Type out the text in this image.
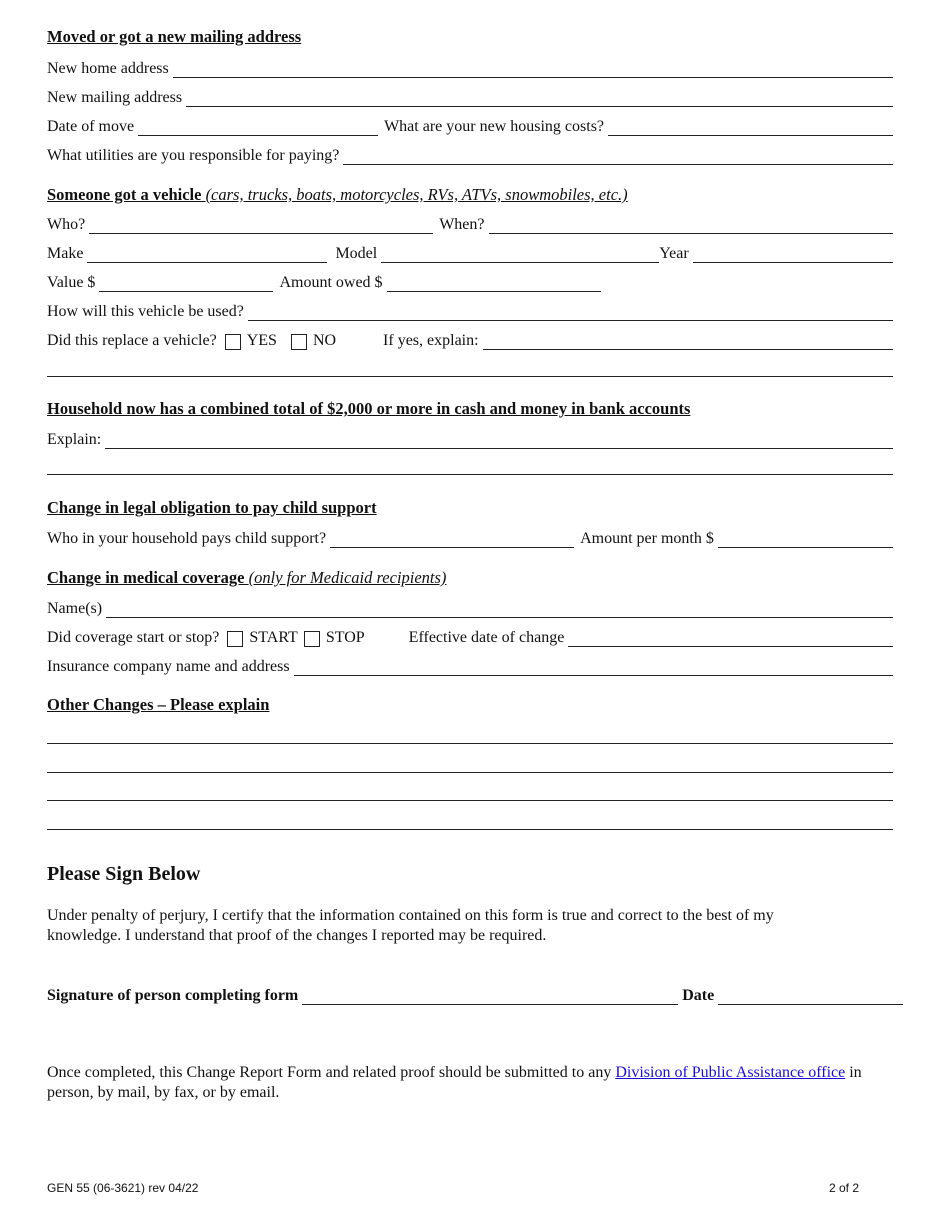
Moved or got a new mailing address
New home address
New mailing address
Date of move	What are your new housing costs?
What utilities are you responsible for paying?
Someone got a vehicle (cars, trucks, boats, motorcycles, RVs, ATVs, snowmobiles, etc.)
Who?	When?
Make	Model	Year
Value $	Amount owed $
How will this vehicle be used?
Did this replace a vehicle? YES NO	If yes, explain:
Household now has a combined total of $2,000 or more in cash and money in bank accounts
Explain:
Change in legal obligation to pay child support
Who in your household pays child support?	Amount per month $
Change in medical coverage (only for Medicaid recipients)
Name(s)
Did coverage start or stop? START STOP	Effective date of change
Insurance company name and address
Other Changes – Please explain
Please Sign Below
Under penalty of perjury, I certify that the information contained on this form is true and correct to the best of my knowledge. I understand that proof of the changes I reported may be required.
Signature of person completing form	Date
Once completed, this Change Report Form and related proof should be submitted to any Division of Public Assistance office in person, by mail, by fax, or by email.
GEN 55 (06-3621) rev 04/22	2 of 2
